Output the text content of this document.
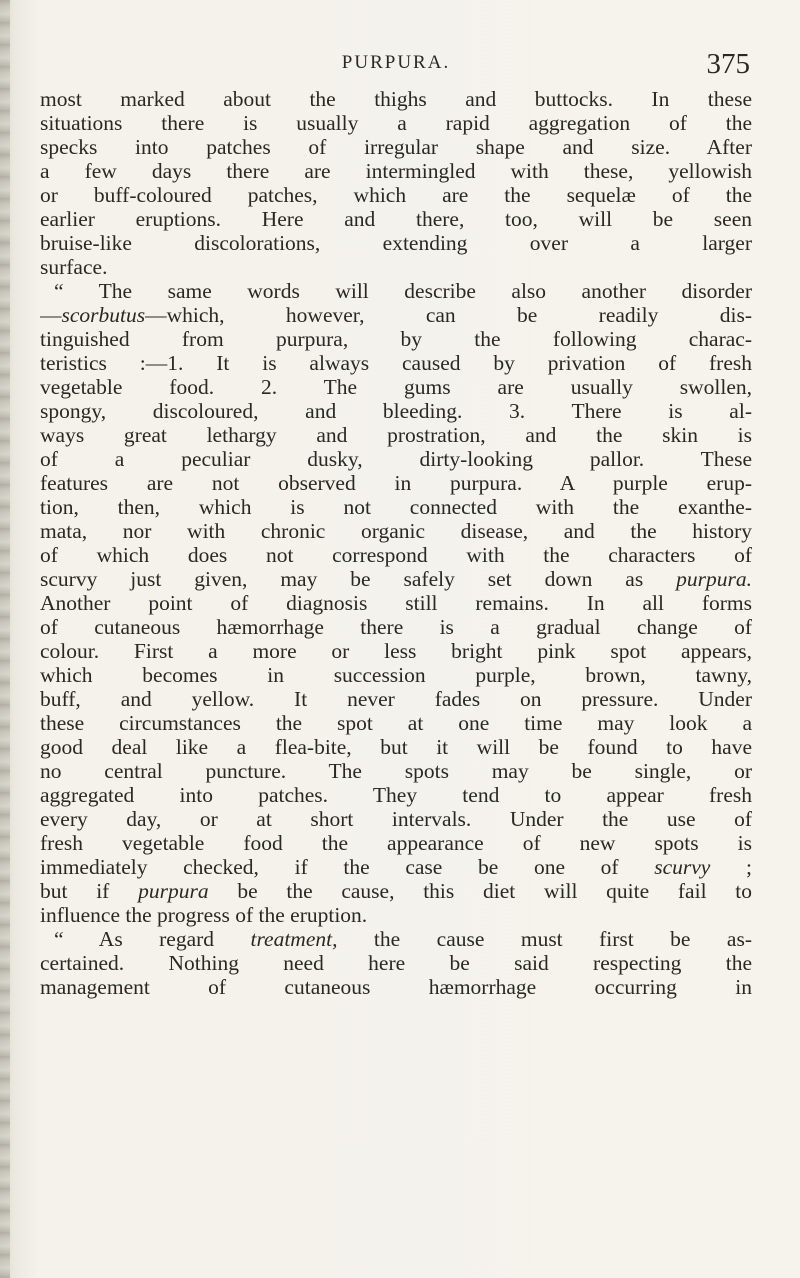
PURPURA.	375
most marked about the thighs and buttocks. In these
situations there is usually a rapid aggregation of the
specks into patches of irregular shape and size. After
a few days there are intermingled with these, yellowish
or buff-coloured patches, which are the sequelæ of the
earlier eruptions. Here and there, too, will be seen
bruise-like discolorations, extending over a larger
surface.
“ The same words will describe also another disorder
—scorbutus—which, however, can be readily dis-
tinguished from purpura, by the following charac-
teristics :—1. It is always caused by privation of fresh
vegetable food. 2. The gums are usually swollen,
spongy, discoloured, and bleeding. 3. There is al-
ways great lethargy and prostration, and the skin is
of a peculiar dusky, dirty-looking pallor. These
features are not observed in purpura. A purple erup-
tion, then, which is not connected with the exanthe-
mata, nor with chronic organic disease, and the history
of which does not correspond with the characters of
scurvy just given, may be safely set down as purpura.
Another point of diagnosis still remains. In all forms
of cutaneous hæmorrhage there is a gradual change of
colour. First a more or less bright pink spot appears,
which becomes in succession purple, brown, tawny,
buff, and yellow. It never fades on pressure. Under
these circumstances the spot at one time may look a
good deal like a flea-bite, but it will be found to have
no central puncture. The spots may be single, or
aggregated into patches. They tend to appear fresh
every day, or at short intervals. Under the use of
fresh vegetable food the appearance of new spots is
immediately checked, if the case be one of scurvy ;
but if purpura be the cause, this diet will quite fail to
influence the progress of the eruption.
“ As regard treatment, the cause must first be as-
certained. Nothing need here be said respecting the
management of cutaneous hæmorrhage occurring in
